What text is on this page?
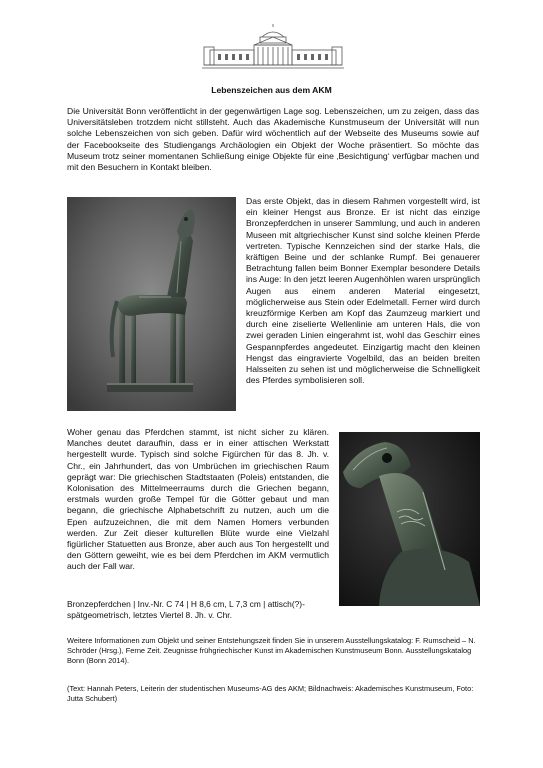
Lebenszeichen aus dem AKM

Die Universität Bonn veröffentlicht in der gegenwärtigen Lage sog. Lebenszeichen, um zu zeigen, dass das Universitätsleben trotzdem nicht stillsteht. Auch das Akademische Kunstmuseum der Universität will nun solche Lebenszeichen von sich geben. Dafür wird wöchentlich auf der Webseite des Museums sowie auf der Facebookseite des Studiengangs Archäologien ein Objekt der Woche präsentiert. So möchte das Museum trotz seiner momentanen Schließung einige Objekte für eine ‚Besichtigung‘ verfügbar machen und mit den Besuchern in Kontakt bleiben.

Das erste Objekt, das in diesem Rahmen vorgestellt wird, ist ein kleiner Hengst aus Bronze. Er ist nicht das einzige Bronzepferdchen in unserer Sammlung, und auch in anderen Museen mit altgriechischer Kunst sind solche kleinen Pferde vertreten. Typische Kennzeichen sind der starke Hals, die kräftigen Beine und der schlanke Rumpf. Bei genauerer Betrachtung fallen beim Bonner Exemplar besondere Details ins Auge: In den jetzt leeren Augenhöhlen waren ursprünglich Augen aus einem anderen Material eingesetzt, möglicherweise aus Stein oder Edelmetall. Ferner wird durch kreuzförmige Kerben am Kopf das Zaumzeug markiert und durch eine ziselierte Wellenlinie am unteren Hals, die von zwei geraden Linien eingerahmt ist, wohl das Geschirr eines Gespannpferdes angedeutet. Einzigartig macht den kleinen Hengst das eingravierte Vogelbild, das an beiden breiten Halsseiten zu sehen ist und möglicherweise die Schnelligkeit des Pferdes symbolisieren soll.

Woher genau das Pferdchen stammt, ist nicht sicher zu klären. Manches deutet daraufhin, dass er in einer attischen Werkstatt hergestellt wurde. Typisch sind solche Figürchen für das 8. Jh. v. Chr., ein Jahrhundert, das von Umbrüchen im griechischen Raum geprägt war: Die griechischen Stadtstaaten (Poleis) entstanden, die Kolonisation des Mittelmeerraums durch die Griechen begann, erstmals wurden große Tempel für die Götter gebaut und man begann, die griechische Alphabetschrift zu nutzen, auch um die Epen aufzuzeichnen, die mit dem Namen Homers verbunden werden. Zur Zeit dieser kulturellen Blüte wurde eine Vielzahl figürlicher Statuetten aus Bronze, aber auch aus Ton hergestellt und den Göttern geweiht, wie es bei dem Pferdchen im AKM vermutlich auch der Fall war.

Bronzepferdchen | Inv.-Nr. C 74 | H 8,6 cm, L 7,3 cm | attisch(?)-spätgeometrisch, letztes Viertel 8. Jh. v. Chr.

Weitere Informationen zum Objekt und seiner Entstehungszeit finden Sie in unserem Ausstellungskatalog: F. Rumscheid – N. Schröder (Hrsg.), Ferne Zeit. Zeugnisse frühgriechischer Kunst im Akademischen Kunstmuseum Bonn. Ausstellungskatalog Bonn (Bonn 2014).

(Text: Hannah Peters, Leiterin der studentischen Museums-AG des AKM; Bildnachweis: Akademisches Kunstmuseum, Foto: Jutta Schubert)
